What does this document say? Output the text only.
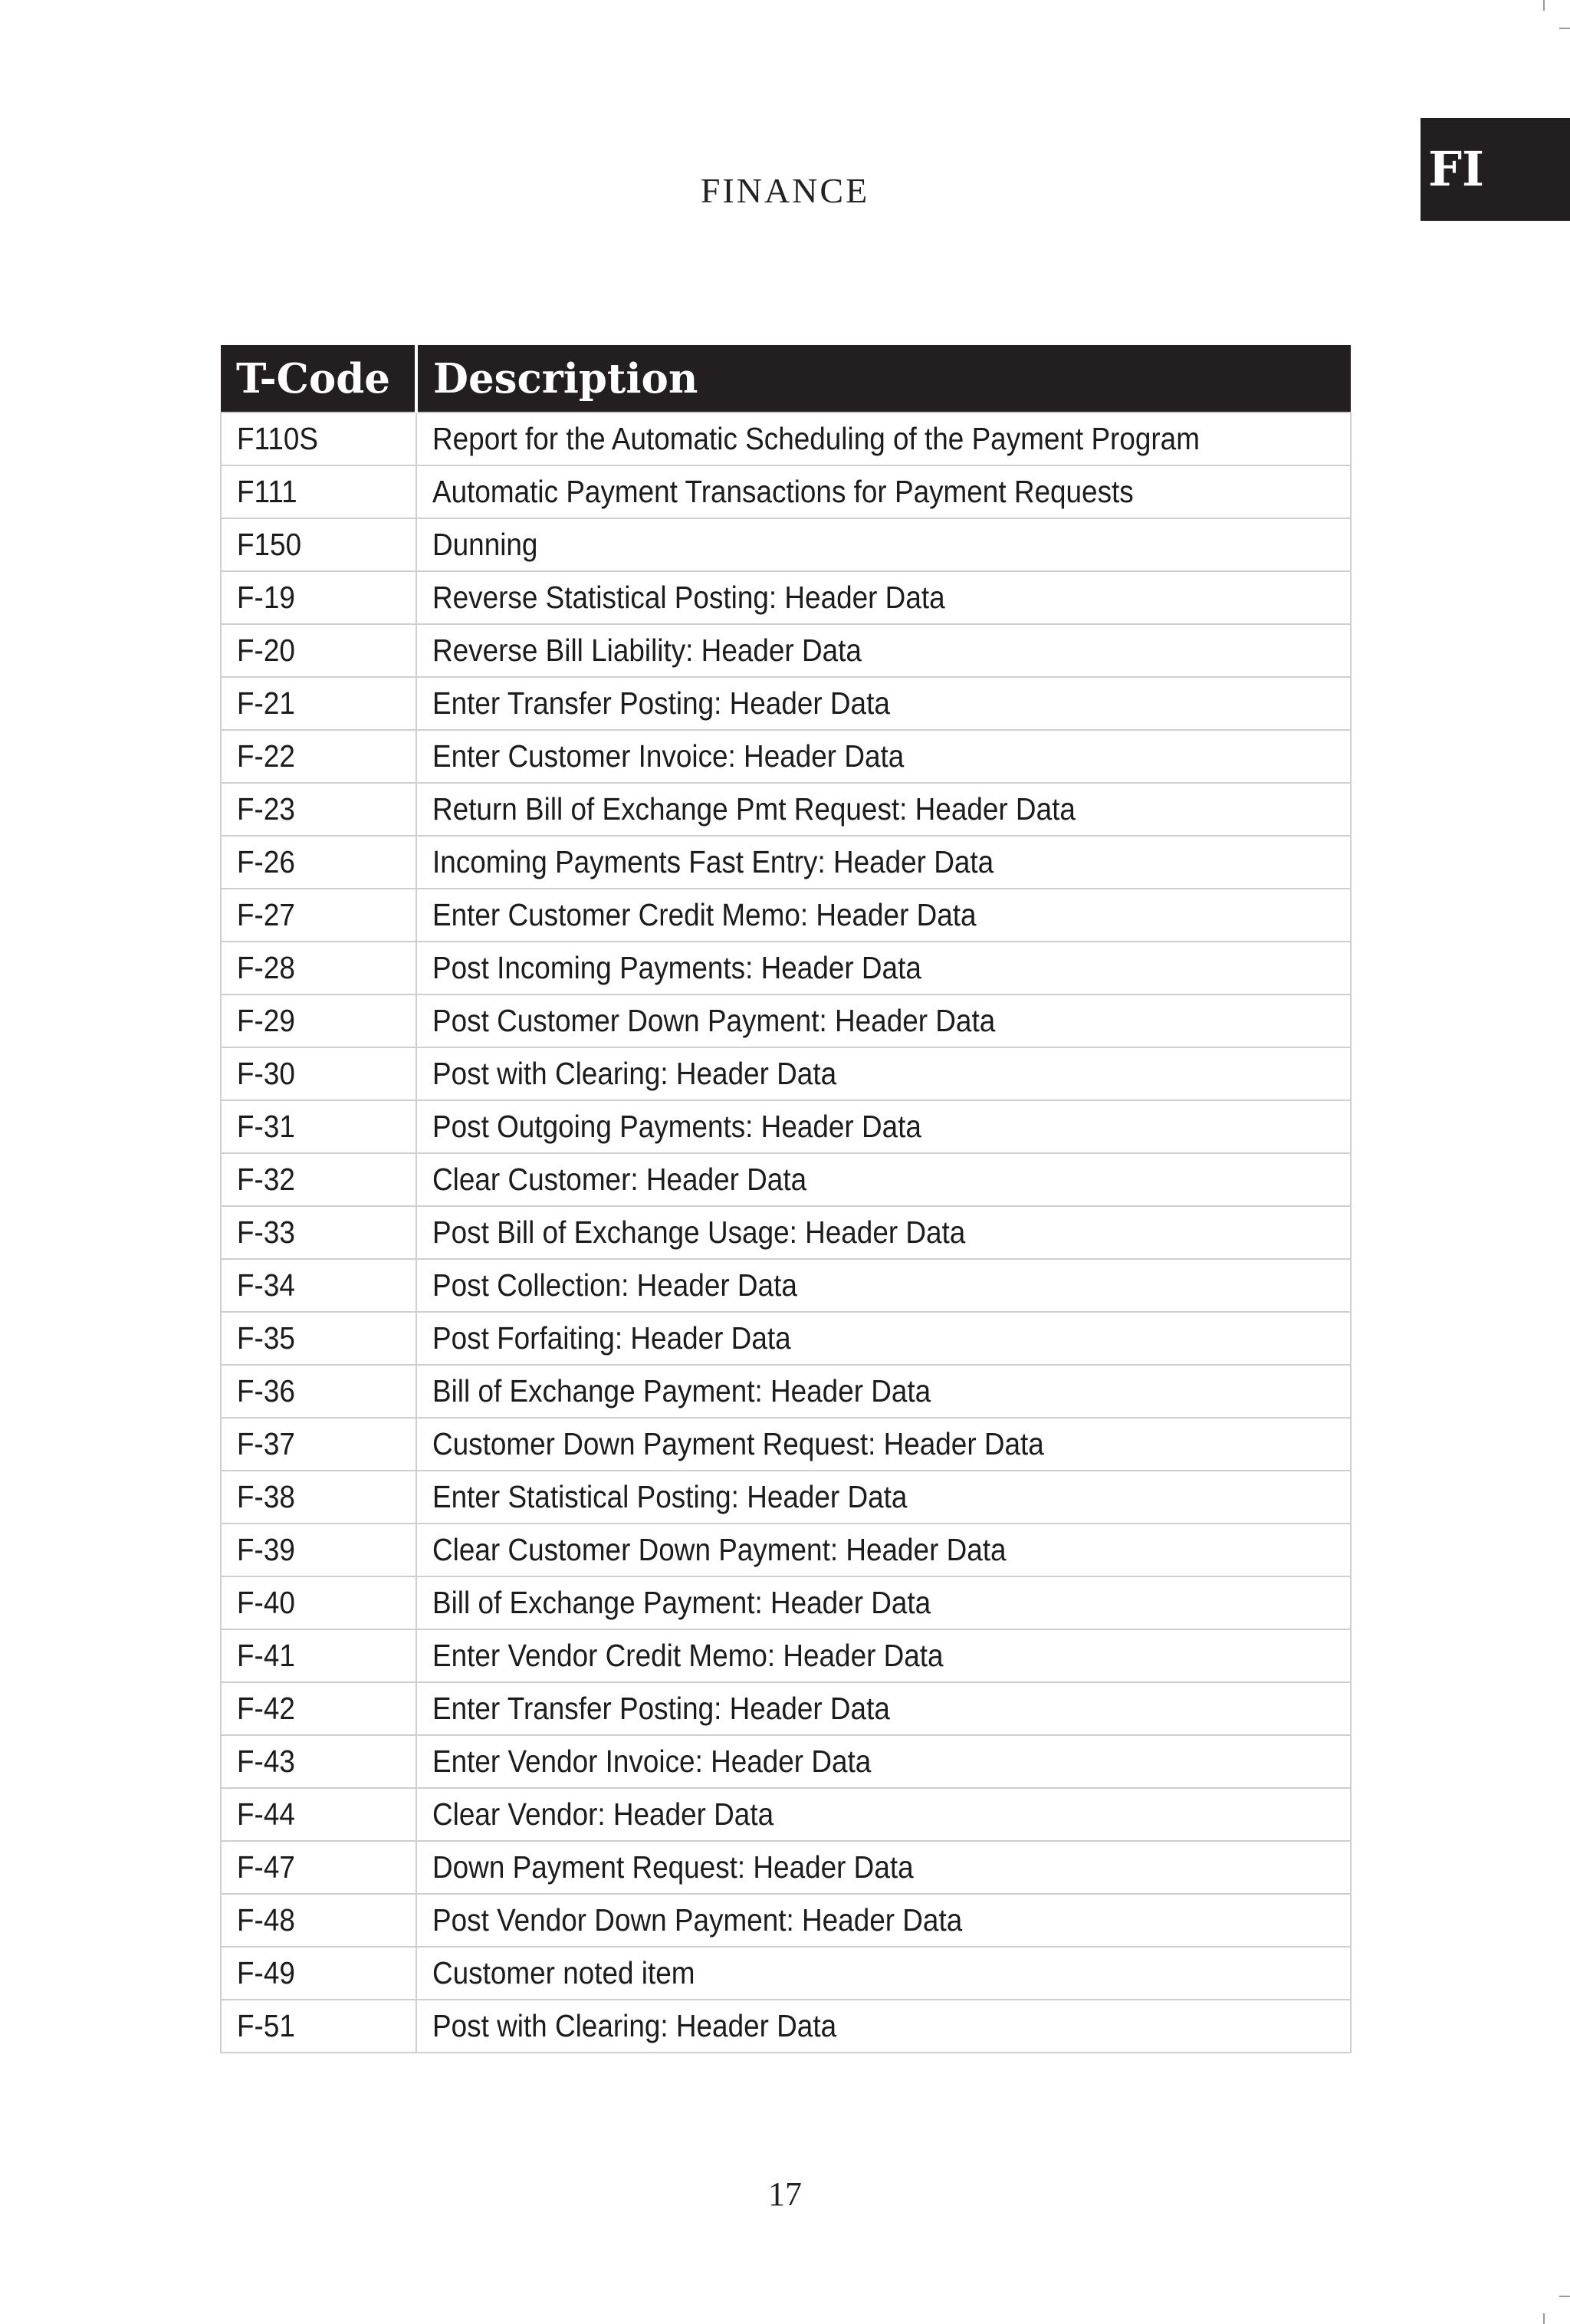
FI
FINANCE
T-Code	Description
F110S	Report for the Automatic Scheduling of the Payment Program
F111	Automatic Payment Transactions for Payment Requests
F150	Dunning
F-19	Reverse Statistical Posting: Header Data
F-20	Reverse Bill Liability: Header Data
F-21	Enter Transfer Posting: Header Data
F-22	Enter Customer Invoice: Header Data
F-23	Return Bill of Exchange Pmt Request: Header Data
F-26	Incoming Payments Fast Entry: Header Data
F-27	Enter Customer Credit Memo: Header Data
F-28	Post Incoming Payments: Header Data
F-29	Post Customer Down Payment: Header Data
F-30	Post with Clearing: Header Data
F-31	Post Outgoing Payments: Header Data
F-32	Clear Customer: Header Data
F-33	Post Bill of Exchange Usage: Header Data
F-34	Post Collection: Header Data
F-35	Post Forfaiting: Header Data
F-36	Bill of Exchange Payment: Header Data
F-37	Customer Down Payment Request: Header Data
F-38	Enter Statistical Posting: Header Data
F-39	Clear Customer Down Payment: Header Data
F-40	Bill of Exchange Payment: Header Data
F-41	Enter Vendor Credit Memo: Header Data
F-42	Enter Transfer Posting: Header Data
F-43	Enter Vendor Invoice: Header Data
F-44	Clear Vendor: Header Data
F-47	Down Payment Request: Header Data
F-48	Post Vendor Down Payment: Header Data
F-49	Customer noted item
F-51	Post with Clearing: Header Data
17
